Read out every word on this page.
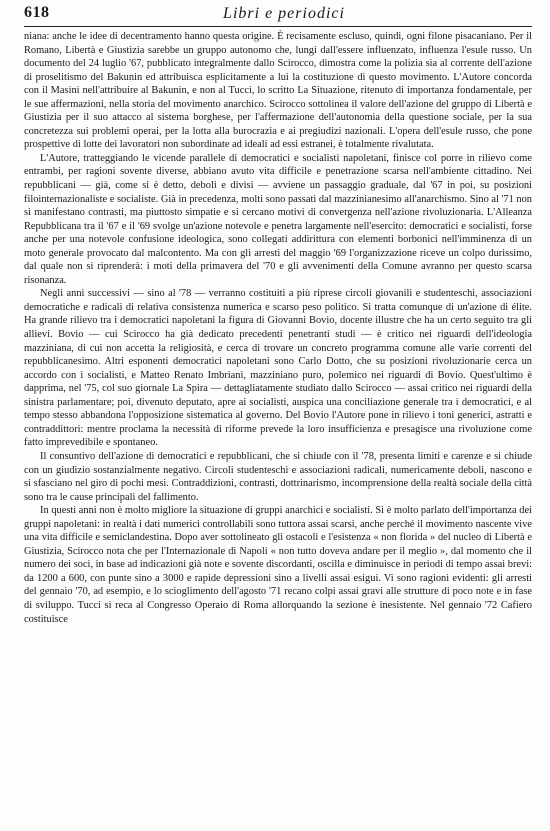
618	Libri e periodici

niana: anche le idee di decentramento hanno questa origine. È recisamente escluso, quindi, ogni filone pisacaniano. Per il Romano, Libertà e Giustizia sarebbe un gruppo autonomo che, lungi dall'essere influenzato, influenza l'esule russo. Un documento del 24 luglio '67, pubblicato integralmente dallo Scirocco, dimostra come la polizia sia al corrente dell'azione di proselitismo del Bakunin ed attribuisca esplicitamente a lui la costituzione di questo movimento. L'Autore concorda con il Masini nell'attribuire al Bakunin, e non al Tucci, lo scritto La Situazione, ritenuto di importanza fondamentale, per le sue affermazioni, nella storia del movimento anarchico. Scirocco sottolinea il valore dell'azione del gruppo di Libertà e Giustizia per il suo attacco al sistema borghese, per l'affermazione dell'autonomia della questione sociale, per la sua concretezza sui problemi operai, per la lotta alla burocrazia e ai pregiudizi nazionali. L'opera dell'esule russo, che pone prospettive di lotte dei lavoratori non subordinate ad ideali ad essi estranei, è totalmente rivalutata.

L'Autore, tratteggiando le vicende parallele di democratici e socialisti napoletani, finisce col porre in rilievo come entrambi, per ragioni sovente diverse, abbiano avuto vita difficile e penetrazione scarsa nell'ambiente cittadino. Nei repubblicani — già, come si è detto, deboli e divisi — avviene un passaggio graduale, dal '67 in poi, su posizioni filointernazionaliste e socialiste. Già in precedenza, molti sono passati dal mazzinianesimo all'anarchismo. Sino al '71 non si manifestano contrasti, ma piuttosto simpatie e si cercano motivi di convergenza nell'azione rivoluzionaria. L'Alleanza Repubblicana tra il '67 e il '69 svolge un'azione notevole e penetra largamente nell'esercito: democratici e socialisti, forse anche per una notevole confusione ideologica, sono collegati addirittura con elementi borbonici nell'imminenza di un moto generale provocato dal malcontento. Ma con gli arresti del maggio '69 l'organizzazione riceve un colpo durissimo, dal quale non si riprenderà: i moti della primavera del '70 e gli avvenimenti della Comune avranno per questo scarsa risonanza.

Negli anni successivi — sino al '78 — verranno costituiti a più riprese circoli giovanili e studenteschi, associazioni democratiche e radicali di relativa consistenza numerica e scarso peso politico. Si tratta comunque di un'azione di élite. Ha grande rilievo tra i democratici napoletani la figura di Giovanni Bovio, docente illustre che ha un certo seguito tra gli allievi. Bovio — cui Scirocco ha già dedicato precedenti penetranti studi — è critico nei riguardi dell'ideologia mazziniana, di cui non accetta la religiosità, e cerca di trovare un concreto programma comune alle varie correnti del repubblicanesimo. Altri esponenti democratici napoletani sono Carlo Dotto, che su posizioni rivoluzionarie cerca un accordo con i socialisti, e Matteo Renato Imbriani, mazziniano puro, polemico nei riguardi di Bovio. Quest'ultimo è dapprima, nel '75, col suo giornale La Spira — dettagliatamente studiato dallo Scirocco — assai critico nei riguardi della sinistra parlamentare; poi, divenuto deputato, apre ai socialisti, auspica una conciliazione generale tra i democratici, e al tempo stesso abbandona l'opposizione sistematica al governo. Del Bovio l'Autore pone in rilievo i toni generici, astratti e contraddittori: mentre proclama la necessità di riforme prevede la loro insufficienza e presagisce una rivoluzione come fatto imprevedibile e spontaneo.

Il consuntivo dell'azione di democratici e repubblicani, che si chiude con il '78, presenta limiti e carenze e si chiude con un giudizio sostanzialmente negativo. Circoli studenteschi e associazioni radicali, numericamente deboli, nascono e si sfasciano nel giro di pochi mesi. Contraddizioni, contrasti, dottrinarismo, incomprensione della realtà sociale della città sono tra le cause principali del fallimento.

In questi anni non è molto migliore la situazione di gruppi anarchici e socialisti. Si è molto parlato dell'importanza dei gruppi napoletani: in realtà i dati numerici controllabili sono tuttora assai scarsi, anche perché il movimento nascente vive una vita difficile e semiclandestina. Dopo aver sottolineato gli ostacoli e l'esistenza « non florida » del nucleo di Libertà e Giustizia, Scirocco nota che per l'Internazionale di Napoli « non tutto doveva andare per il meglio », dal momento che il numero dei soci, in base ad indicazioni già note e sovente discordanti, oscilla e diminuisce in periodi di tempo assai brevi: da 1200 a 600, con punte sino a 3000 e rapide depressioni sino a livelli assai esigui. Vi sono ragioni evidenti: gli arresti del gennaio '70, ad esempio, e lo scioglimento dell'agosto '71 recano colpi assai gravi alle strutture di poco note e in fase di sviluppo. Tucci si reca al Congresso Operaio di Roma allorquando la sezione è inesistente. Nel gennaio '72 Cafiero costituisce
